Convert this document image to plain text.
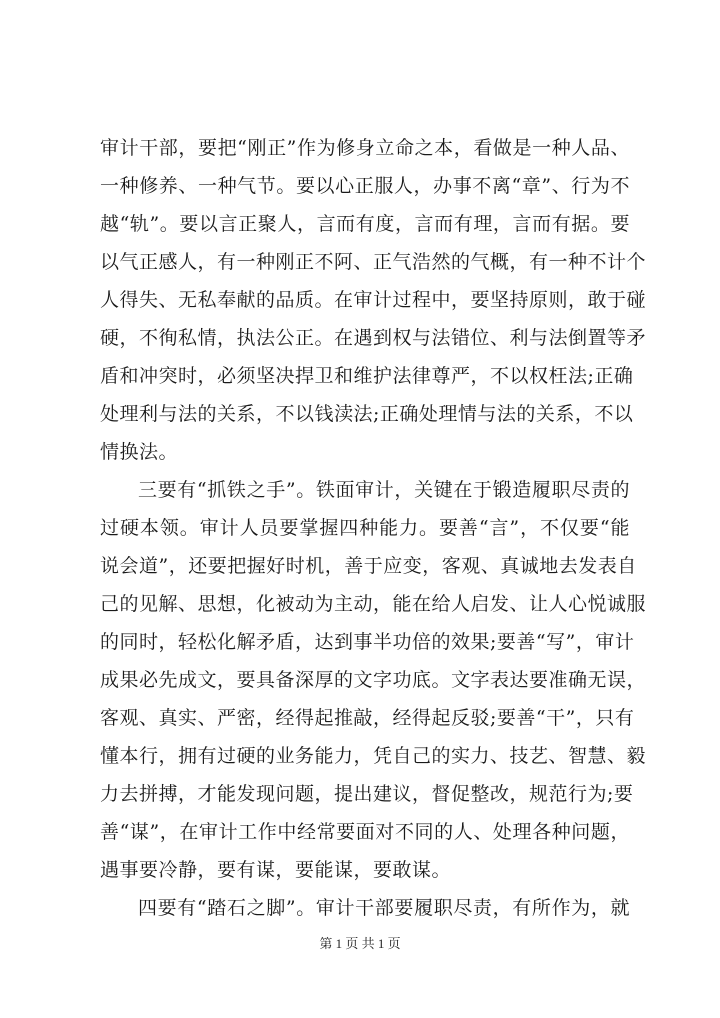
审计干部，要把“刚正”作为修身立命之本，看做是一种人品、
一种修养、一种气节。要以心正服人，办事不离“章”、行为不
越“轨”。要以言正聚人，言而有度，言而有理，言而有据。要
以气正感人，有一种刚正不阿、正气浩然的气概，有一种不计个
人得失、无私奉献的品质。在审计过程中，要坚持原则，敢于碰
硬，不徇私情，执法公正。在遇到权与法错位、利与法倒置等矛
盾和冲突时，必须坚决捍卫和维护法律尊严，不以权枉法;正确
处理利与法的关系，不以钱渎法;正确处理情与法的关系，不以
情换法。
三要有“抓铁之手”。铁面审计，关键在于锻造履职尽责的
过硬本领。审计人员要掌握四种能力。要善“言”，不仅要“能
说会道”，还要把握好时机，善于应变，客观、真诚地去发表自
己的见解、思想，化被动为主动，能在给人启发、让人心悦诚服
的同时，轻松化解矛盾，达到事半功倍的效果;要善“写”，审计
成果必先成文，要具备深厚的文字功底。文字表达要准确无误，
客观、真实、严密，经得起推敲，经得起反驳;要善“干”，只有
懂本行，拥有过硬的业务能力，凭自己的实力、技艺、智慧、毅
力去拼搏，才能发现问题，提出建议，督促整改，规范行为;要
善“谋”，在审计工作中经常要面对不同的人、处理各种问题，
遇事要冷静，要有谋，要能谋，要敢谋。
四要有“踏石之脚”。审计干部要履职尽责，有所作为，就
第 1 页 共 1 页
